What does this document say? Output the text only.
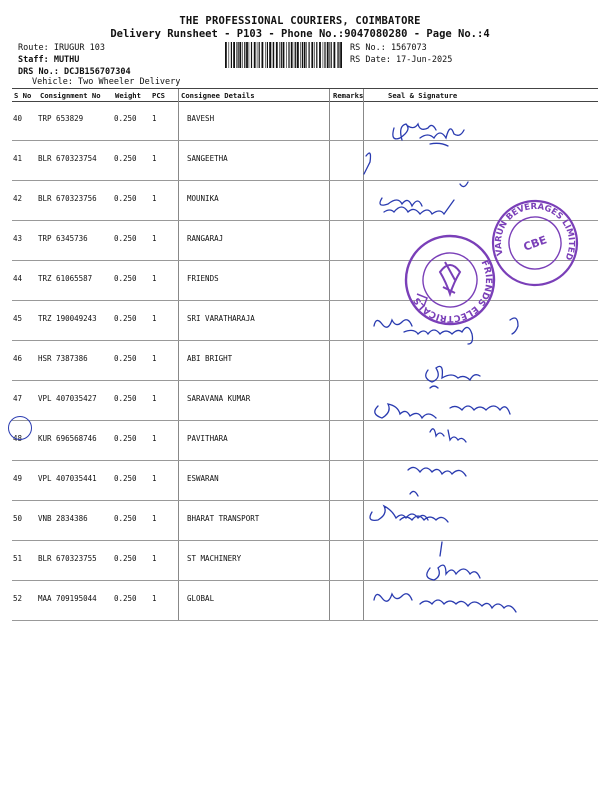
THE PROFESSIONAL COURIERS, COIMBATORE
Delivery Runsheet - P103 - Phone No.:9047080280 - Page No.:4
Route: IRUGUR 103
Staff: MUTHU
DRS No.: DCJB156707304
Vehicle: Two Wheeler Delivery
RS No.: 1567073
RS Date: 17-Jun-2025
S No Consignment No Weight PCS Consignee Details	Remarks	Seal & Signature
40 TRP 653829	0.250 1	BAVESH
41 BLR 670323754 0.250 1	SANGEETHA
42 BLR 670323756 0.250 1	MOUNIKA
43 TRP 6345736	0.250 1	RANGARAJ
44 TRZ 61065587	0.250 1	FRIENDS
45 TRZ 190049243 0.250 1	SRI VARATHARAJA
46 HSR 7387386	0.250 1	ABI BRIGHT
47 VPL 407035427 0.250 1	SARAVANA KUMAR
48 KUR 696568746 0.250 1	PAVITHARA
49 VPL 407035441 0.250 1	ESWARAN
50 VNB 2834386	0.250 1	BHARAT TRANSPORT
51 BLR 670323755 0.250 1	ST MACHINERY
52 MAA 709195044 0.250 1	GLOBAL
VARUN BEVERAGES LIMITED
CBE
FRIENDS ELECTRICALS
